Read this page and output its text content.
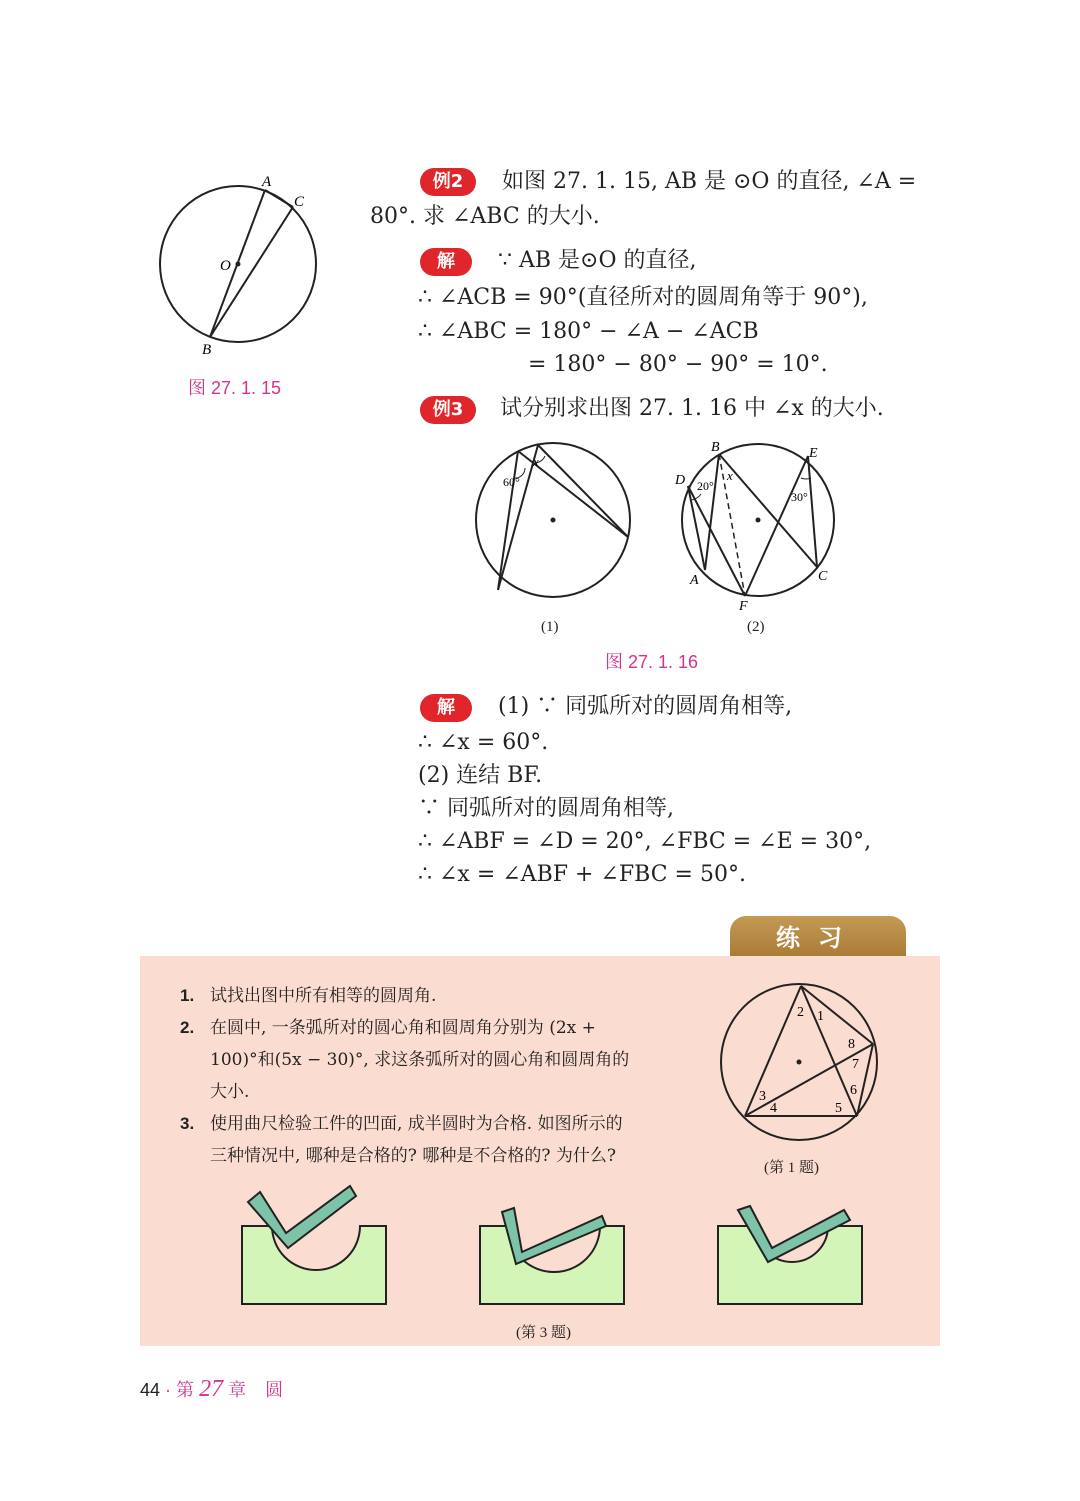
A
C
O
B
图 27. 1. 15
例2	如图 27. 1. 15, AB 是 ⊙O 的直径, ∠A =
80°. 求 ∠ABC 的大小.
解	∵ AB 是⊙O 的直径,
∴ ∠ACB = 90°(直径所对的圆周角等于 90°),
∴ ∠ABC = 180° − ∠A − ∠ACB
= 180° − 80° − 90° = 10°.
例3	试分别求出图 27. 1. 16 中 ∠x 的大小.
60°
x
(1)
20°
30°
x
B
D
A
F
C
E
(2)
图 27. 1. 16
解	(1) ∵ 同弧所对的圆周角相等,
∴ ∠x = 60°.
(2) 连结 BF.
∵ 同弧所对的圆周角相等,
∴ ∠ABF = ∠D = 20°, ∠FBC = ∠E = 30°,
∴ ∠x = ∠ABF + ∠FBC = 50°.
练习
1. 试找出图中所有相等的圆周角.
2. 在圆中, 一条弧所对的圆心角和圆周角分别为 (2x +
100)°和(5x − 30)°, 求这条弧所对的圆心角和圆周角的
大小.
3. 使用曲尺检验工件的凹面, 成半圆时为合格. 如图所示的
三种情况中, 哪种是合格的? 哪种是不合格的? 为什么?
1
2
3
4	5
6
7
8
(第 1 题)
(第 3 题)
44 · 第 27 章 圆
